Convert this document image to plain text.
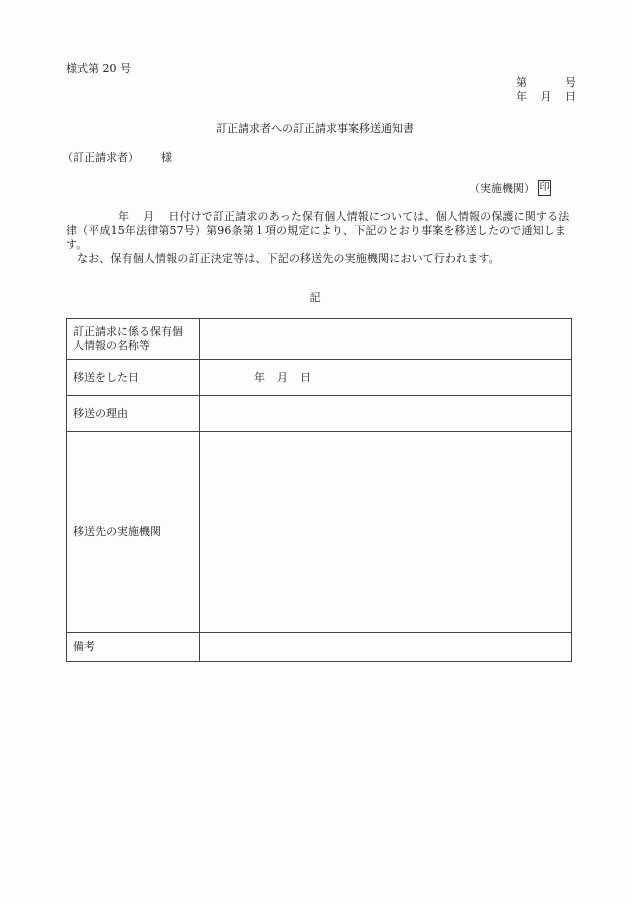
様式第 20 号
第	号
年	月	日
訂正請求者への訂正請求事案移送通知書
（訂正請求者） 様
（実施機関） 印

年 月 日付けで訂正請求のあった保有個人情報については、個人情報の保護に関する法律（平成15年法律第57号）第96条第１項の規定により、下記のとおり事案を移送したので通知します。

なお、保有個人情報の訂正決定等は、下記の移送先の実施機関において行われます。

記
訂正請求に係る保有個人情報の名称等	
移送をした日	年 月 日
移送の理由	
移送先の実施機関	
備考	
